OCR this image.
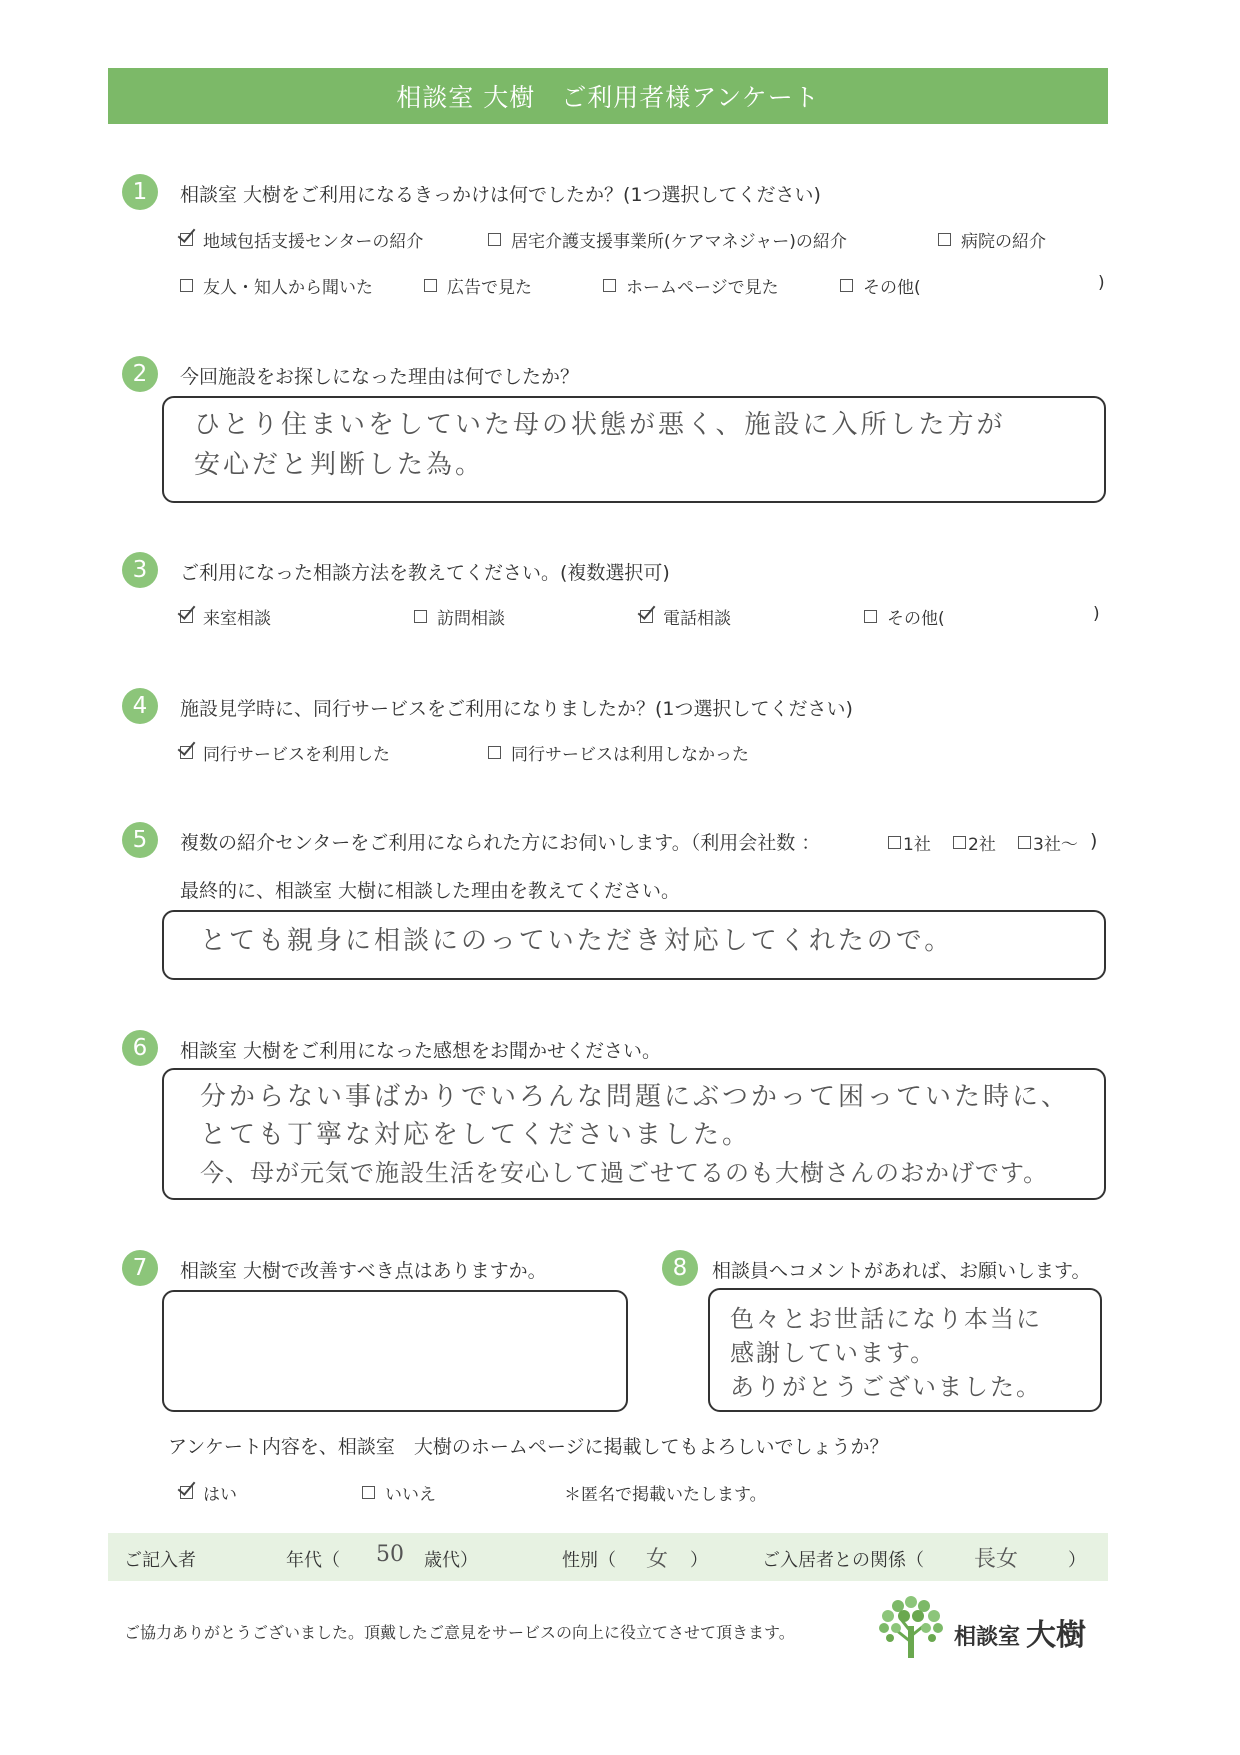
相談室 大樹　ご利用者様アンケート
1	相談室 大樹をご利用になるきっかけは何でしたか？(1つ選択してください)
地域包括支援センターの紹介	居宅介護支援事業所(ケアマネジャー)の紹介	病院の紹介
友人・知人から聞いた	広告で見た	ホームページで見た	その他(	)
2	今回施設をお探しになった理由は何でしたか？
ひとり住まいをしていた母の状態が悪く、施設に入所した方が
安心だと判断した為。
3	ご利用になった相談方法を教えてください。(複数選択可)
来室相談	訪問相談	電話相談	その他(	)
4	施設見学時に、同行サービスをご利用になりましたか？(1つ選択してください)
同行サービスを利用した	同行サービスは利用しなかった
5	複数の紹介センターをご利用になられた方にお伺いします。（利用会社数 ：	1社 2社 3社～ )
最終的に、相談室 大樹に相談した理由を教えてください。
とても親身に相談にのっていただき対応してくれたので。
6	相談室 大樹をご利用になった感想をお聞かせください。
分からない事ばかりでいろんな問題にぶつかって困っていた時に、
とても丁寧な対応をしてくださいました。
今、母が元気で施設生活を安心して過ごせてるのも大樹さんのおかげです。
7	相談室 大樹で改善すべき点はありますか。	8	相談員へコメントがあれば、お願いします。
色々とお世話になり本当に
感謝しています。
ありがとうございました。
アンケート内容を、相談室　大樹のホームページに掲載してもよろしいでしょうか？
はい	いいえ	＊匿名で掲載いたします。
ご記入者	年代（ 50 歳代）	性別（ 女 ）	ご入居者との関係（ 長女	）
ご協力ありがとうございました。頂戴したご意見をサービスの向上に役立てさせて頂きます。	相談室 大樹
